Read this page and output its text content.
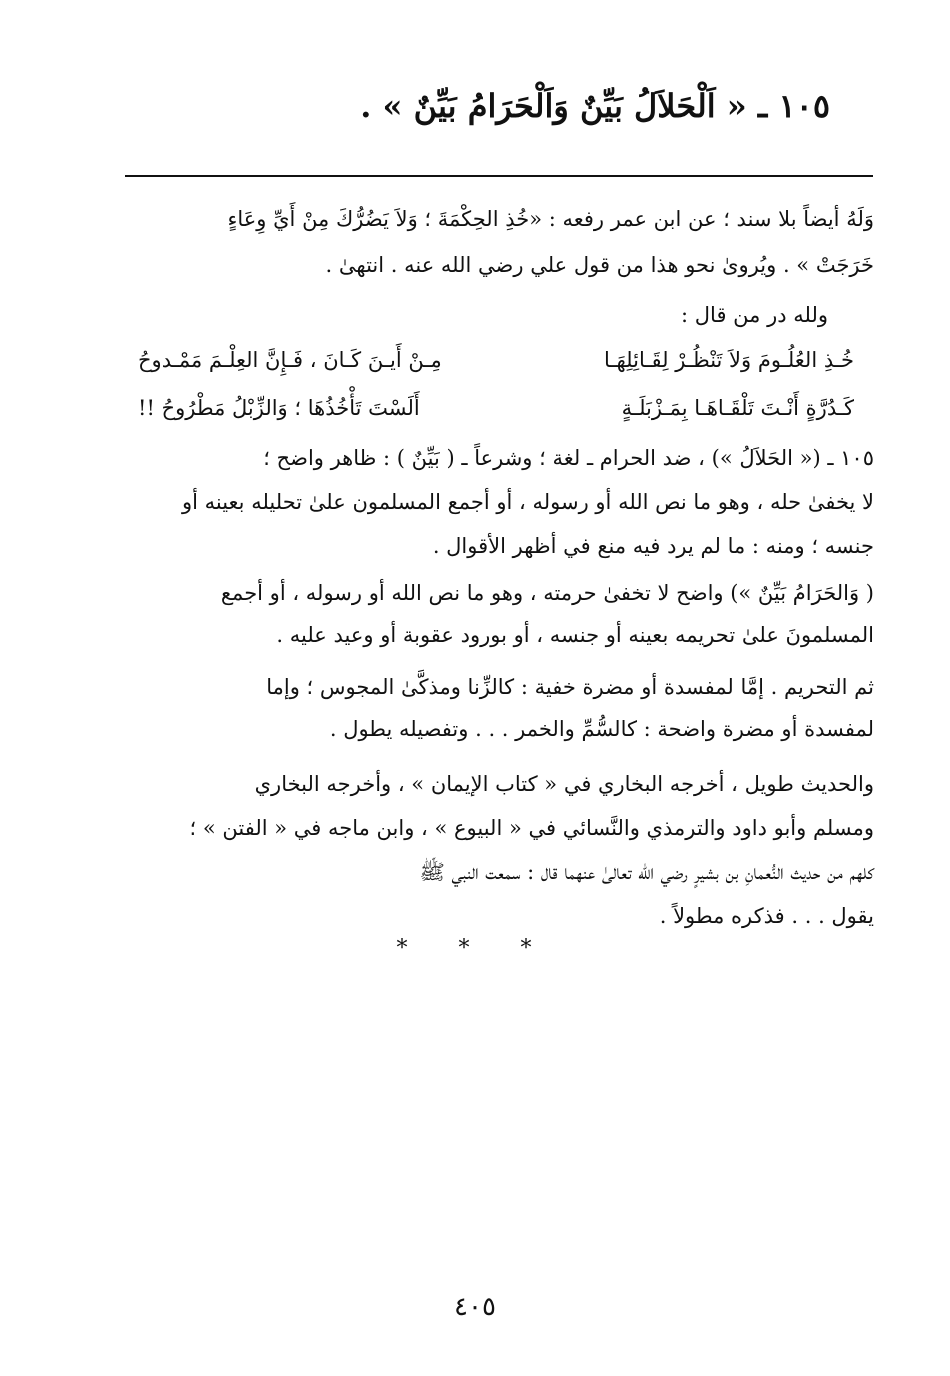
١٠٥ ـ « اَلْحَلاَلُ بَيِّنٌ وَاَلْحَرَامُ بَيِّنٌ » .
وَلَهُ أيضاً بلا سند ؛ عن ابن عمر رفعه : «خُذِ الحِكْمَةَ ؛ وَلاَ يَضُرُّكَ مِنْ أَيِّ وِعَاءٍ
خَرَجَتْ » . ويُروىٰ نحو هذا من قول علي رضي الله عنه . انتهىٰ .
ولله در من قال :
خُـذِ العُلُـومَ وَلاَ تَنْظُـرْ لِقَـائِلِهَـا
مِـنْ أَيـنَ كَـانَ ، فَـإِنَّ العِلْـمَ مَمْـدوحُ
كَـدُرَّةٍ أَنْـتَ تَلْقَـاهَـا بِمَـزْبَلَـةٍ
أَلَسْتَ تَأْخُذُهَا ؛ وَالزِّبْلُ مَطْرُوحُ !!
١٠٥ ـ (« الحَلاَلُ ») ، ضد الحرام ـ لغة ؛ وشرعاً ـ ( بَيِّنٌ ) : ظاهر واضح ؛
لا يخفىٰ حله ، وهو ما نص الله أو رسوله ، أو أجمع المسلمون علىٰ تحليله بعينه أو
جنسه ؛ ومنه : ما لم يرد فيه منع في أظهر الأقوال .
( وَالحَرَامُ بَيِّنٌ ») واضح لا تخفىٰ حرمته ، وهو ما نص الله أو رسوله ، أو أجمع
المسلمونَ علىٰ تحريمه بعينه أو جنسه ، أو بورود عقوبة أو وعيد عليه .
ثم التحريم . إمَّا لمفسدة أو مضرة خفية : كالزِّنا ومذكَّىٰ المجوس ؛ وإما
لمفسدة أو مضرة واضحة : كالسُّمِّ والخمر . . . وتفصيله يطول .
والحديث طويل ، أخرجه البخاري في « كتاب الإيمان » ، وأخرجه البخاري
ومسلم وأبو داود والترمذي والنَّسائي في « البيوع » ، وابن ماجه في « الفتن » ؛
كلهم من حديث النُّعمانِ بن بشيرٍ رضي الله تعالىٰ عنهما قال : سمعت النبي ﷺ
يقول . . . فذكره مطولاً .
* * *
٤٠٥
